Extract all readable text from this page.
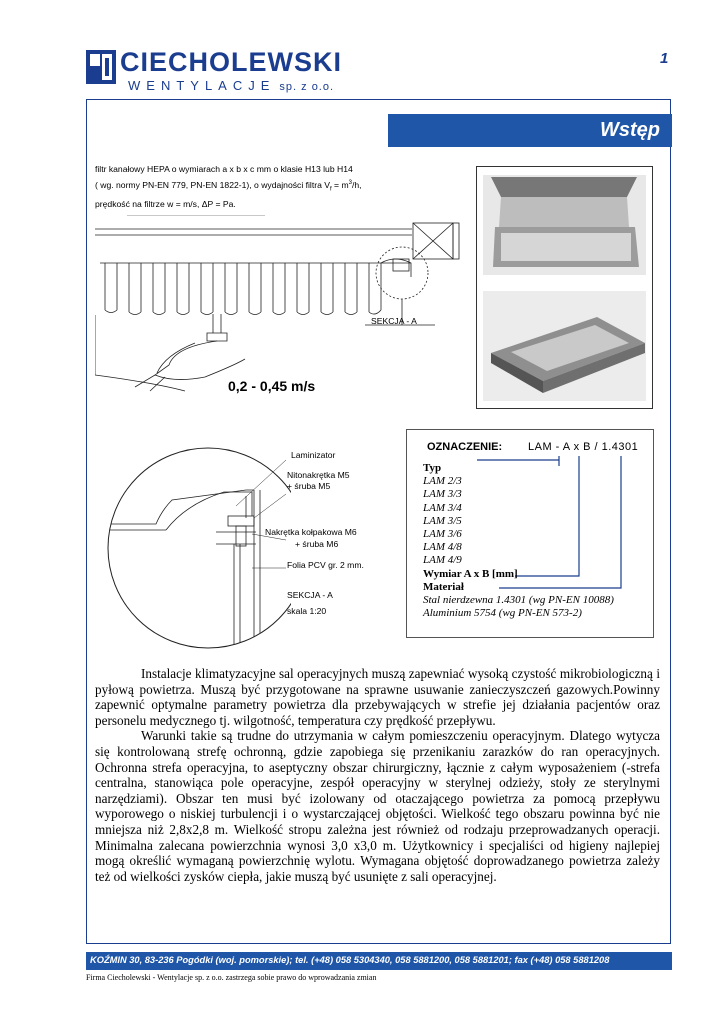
CIECHOLEWSKI
WENTYLACJE sp. z o.o.
1
Wstęp
filtr kanałowy HEPA o wymiarach a x b x c mm o klasie H13 lub H14
( wg. normy PN-EN 779, PN-EN 1822-1), o wydajności filtra $V_f = m^3/h$,
prędkość na filtrze w = m/s, ΔP = Pa.
SEKCJA - A
0,2 - 0,45 m/s
Laminizator
Nitonakrętka M5
+ śruba M5
Nakrętka kołpakowa M6
+ śruba M6
Folia PCV gr. 2 mm.
SEKCJA - A
skala 1:20
OZNACZENIE: LAM - A x B / 1.4301
Typ
LAM 2/3
LAM 3/3
LAM 3/4
LAM 3/5
LAM 3/6
LAM 4/8
LAM 4/9
Wymiar A x B [mm]
Materiał
Stal nierdzewna 1.4301 (wg PN-EN 10088)
Aluminium 5754 (wg PN-EN 573-2)

Instalacje klimatyzacyjne sal operacyjnych muszą zapewniać wysoką czystość mikrobiologiczną i pyłową powietrza. Muszą być przygotowane na sprawne usuwanie zanieczyszczeń gazowych.Powinny zapewnić optymalne parametry powietrza dla przebywających w strefie jej działania pacjentów oraz personelu medycznego tj. wilgotność, temperatura czy prędkość przepływu.

Warunki takie są trudne do utrzymania w całym pomieszczeniu operacyjnym. Dlatego wytycza się kontrolowaną strefę ochronną, gdzie zapobiega się przenikaniu zarazków do ran operacyjnych. Ochronna strefa operacyjna, to aseptyczny obszar chirurgiczny, łącznie z całym wyposażeniem (-strefa centralna, stanowiąca pole operacyjne, zespół operacyjny w sterylnej odzieży, stoły ze sterylnymi narzędziami). Obszar ten musi być izolowany od otaczającego powietrza za pomocą przepływu wyporowego o niskiej turbulencji i o wystarczającej objętości. Wielkość tego obszaru powinna być nie mniejsza niż 2,8x2,8 m. Wielkość stropu zależna jest również od rodzaju przeprowadzanych operacji. Minimalna zalecana powierzchnia wynosi 3,0 x3,0 m. Użytkownicy i specjaliści od higieny najlepiej mogą określić wymaganą powierzchnię wylotu. Wymagana objętość doprowadzanego powietrza zależy też od wielkości zysków ciepła, jakie muszą być usunięte z sali operacyjnej.

KOŹMIN 30, 83-236 Pogódki (woj. pomorskie); tel. (+48) 058 5304340, 058 5881200, 058 5881201; fax (+48) 058 5881208
Firma Ciecholewski - Wentylacje sp. z o.o. zastrzega sobie prawo do wprowadzania zmian
